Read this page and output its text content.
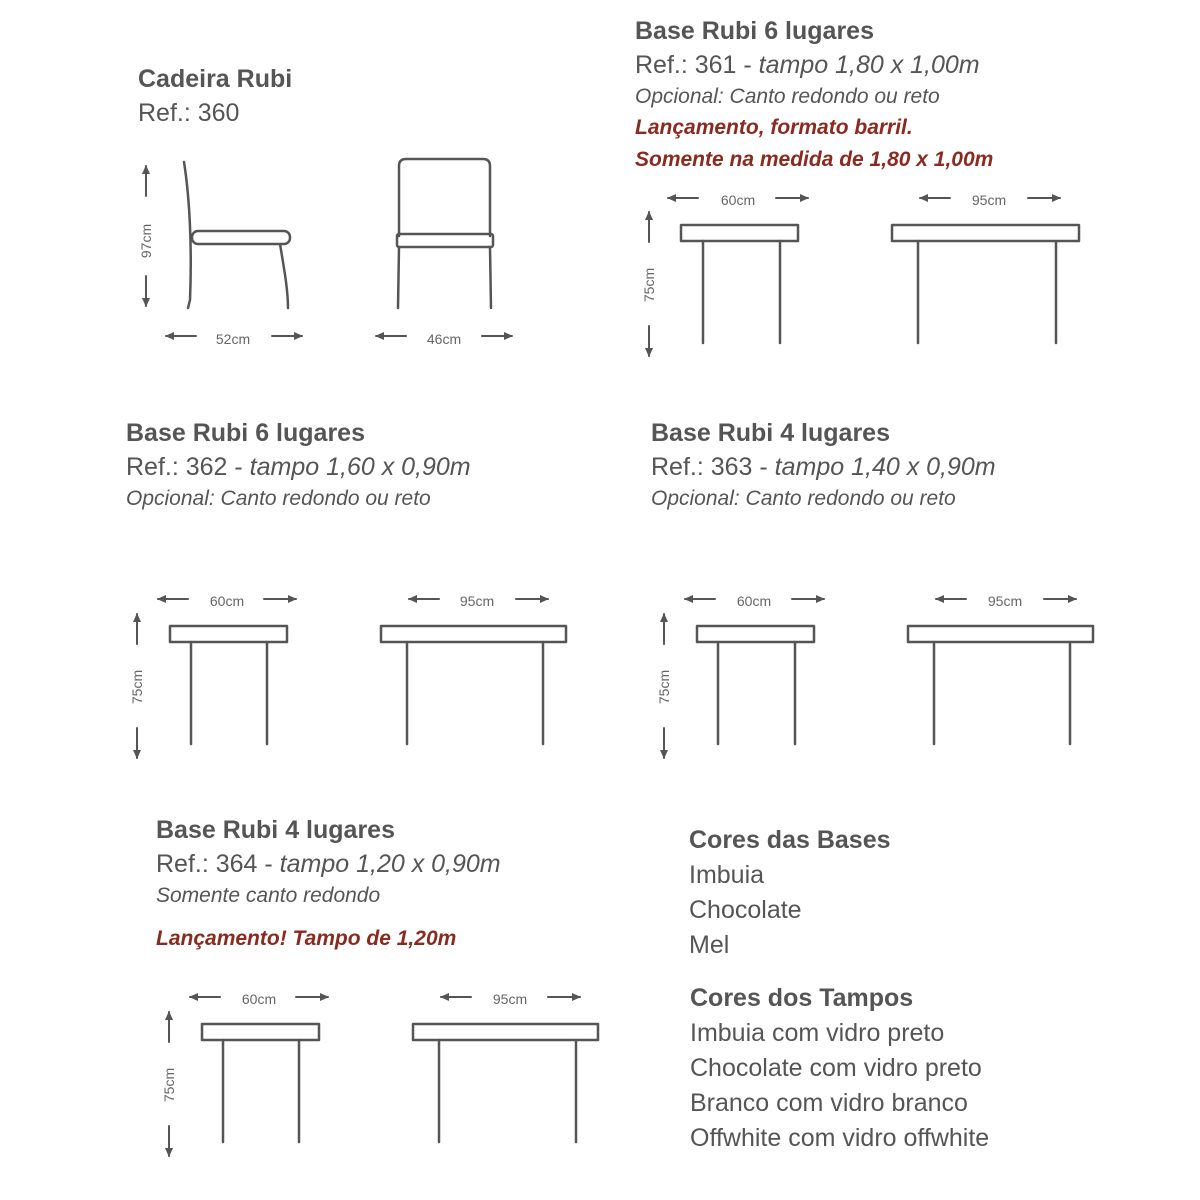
Cadeira Rubi
Ref.: 360
Base Rubi 6 lugares
Ref.: 361 - tampo 1,80 x 1,00m
Opcional: Canto redondo ou reto
Lançamento, formato barril.
Somente na medida de 1,80 x 1,00m
Base Rubi 6 lugares
Ref.: 362 - tampo 1,60 x 0,90m
Opcional: Canto redondo ou reto
Base Rubi 4 lugares
Ref.: 363 - tampo 1,40 x 0,90m
Opcional: Canto redondo ou reto
Base Rubi 4 lugares
Ref.: 364 - tampo 1,20 x 0,90m
Somente canto redondo
Lançamento! Tampo de 1,20m
Cores das Bases
Imbuia
Chocolate
Mel
Cores dos Tampos
Imbuia com vidro preto
Chocolate com vidro preto
Branco com vidro branco
Offwhite com vidro offwhite
97cm
52cm	46cm
75cm
60cm	95cm
75cm
60cm	95cm
75cm
60cm	95cm
75cm
60cm	95cm
